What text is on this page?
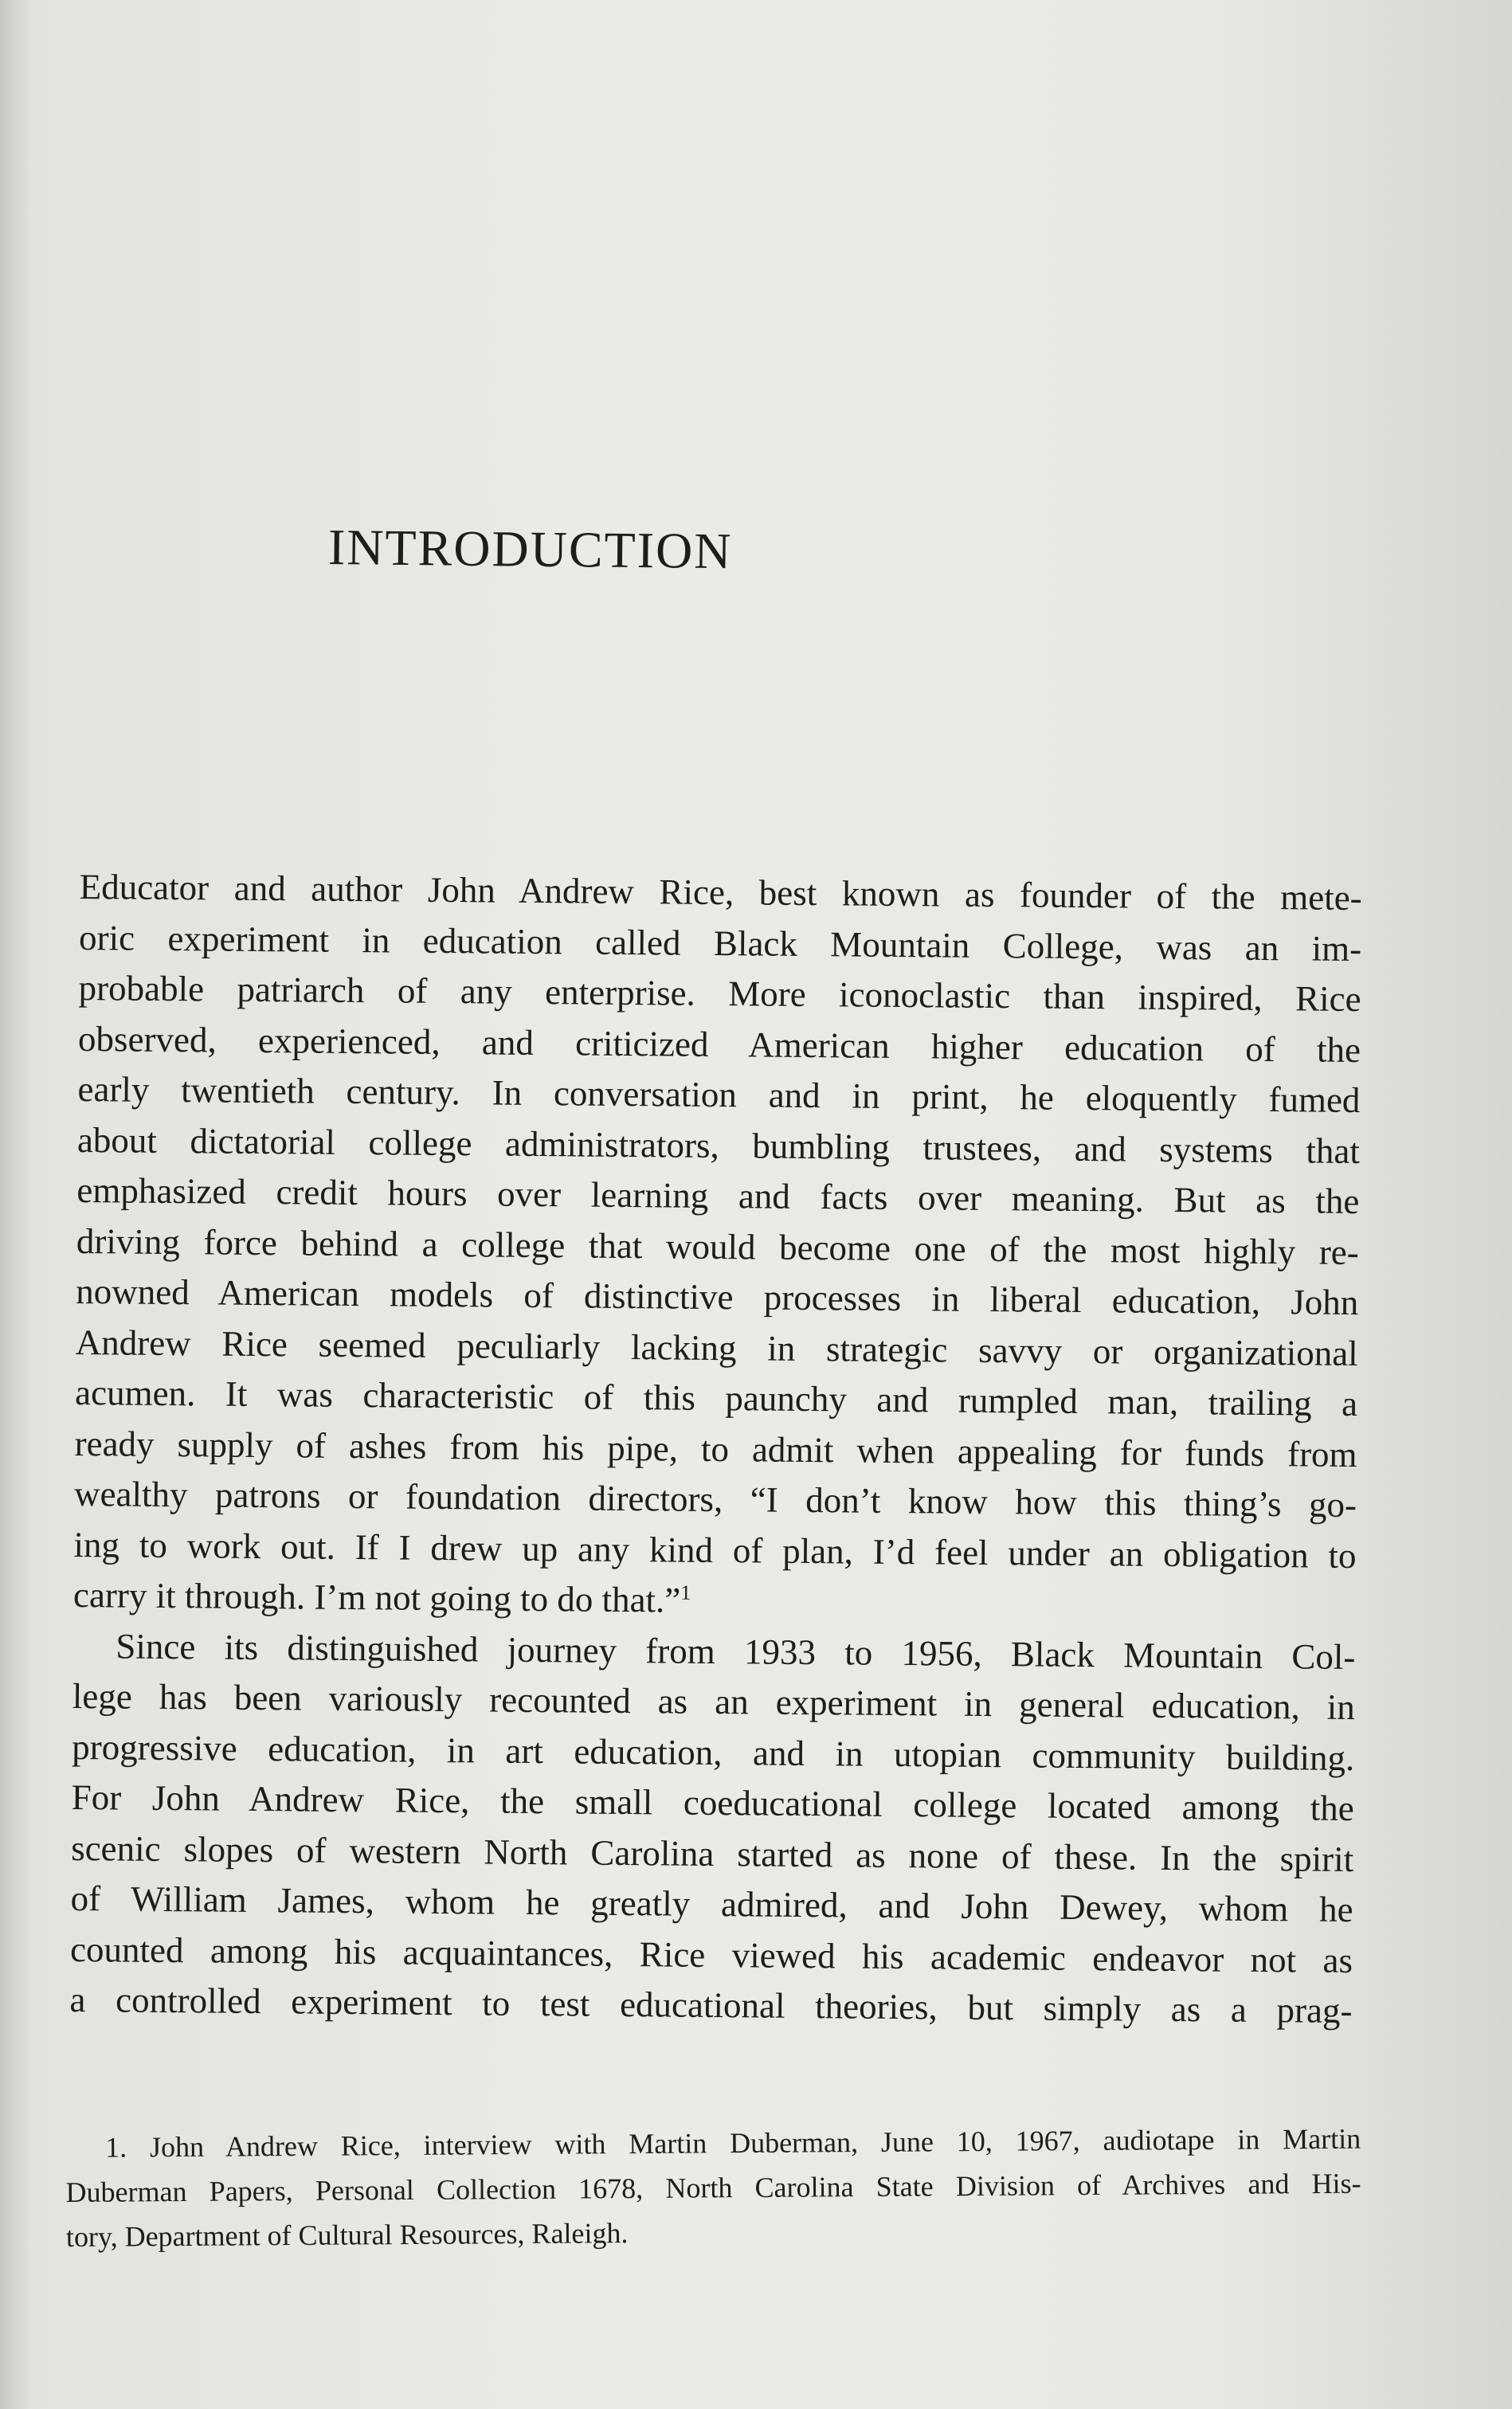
INTRODUCTION
Educator and author John Andrew Rice, best known as founder of the mete-
oric experiment in education called Black Mountain College, was an im-
probable patriarch of any enterprise. More iconoclastic than inspired, Rice
observed, experienced, and criticized American higher education of the
early twentieth century. In conversation and in print, he eloquently fumed
about dictatorial college administrators, bumbling trustees, and systems that
emphasized credit hours over learning and facts over meaning. But as the
driving force behind a college that would become one of the most highly re-
nowned American models of distinctive processes in liberal education, John
Andrew Rice seemed peculiarly lacking in strategic savvy or organizational
acumen. It was characteristic of this paunchy and rumpled man, trailing a
ready supply of ashes from his pipe, to admit when appealing for funds from
wealthy patrons or foundation directors, “I don’t know how this thing’s go-
ing to work out. If I drew up any kind of plan, I’d feel under an obligation to
carry it through. I’m not going to do that.”$^1$
Since its distinguished journey from 1933 to 1956, Black Mountain Col-
lege has been variously recounted as an experiment in general education, in
progressive education, in art education, and in utopian community building.
For John Andrew Rice, the small coeducational college located among the
scenic slopes of western North Carolina started as none of these. In the spirit
of William James, whom he greatly admired, and John Dewey, whom he
counted among his acquaintances, Rice viewed his academic endeavor not as
a controlled experiment to test educational theories, but simply as a prag-
1. John Andrew Rice, interview with Martin Duberman, June 10, 1967, audiotape in Martin
Duberman Papers, Personal Collection 1678, North Carolina State Division of Archives and His-
tory, Department of Cultural Resources, Raleigh.
